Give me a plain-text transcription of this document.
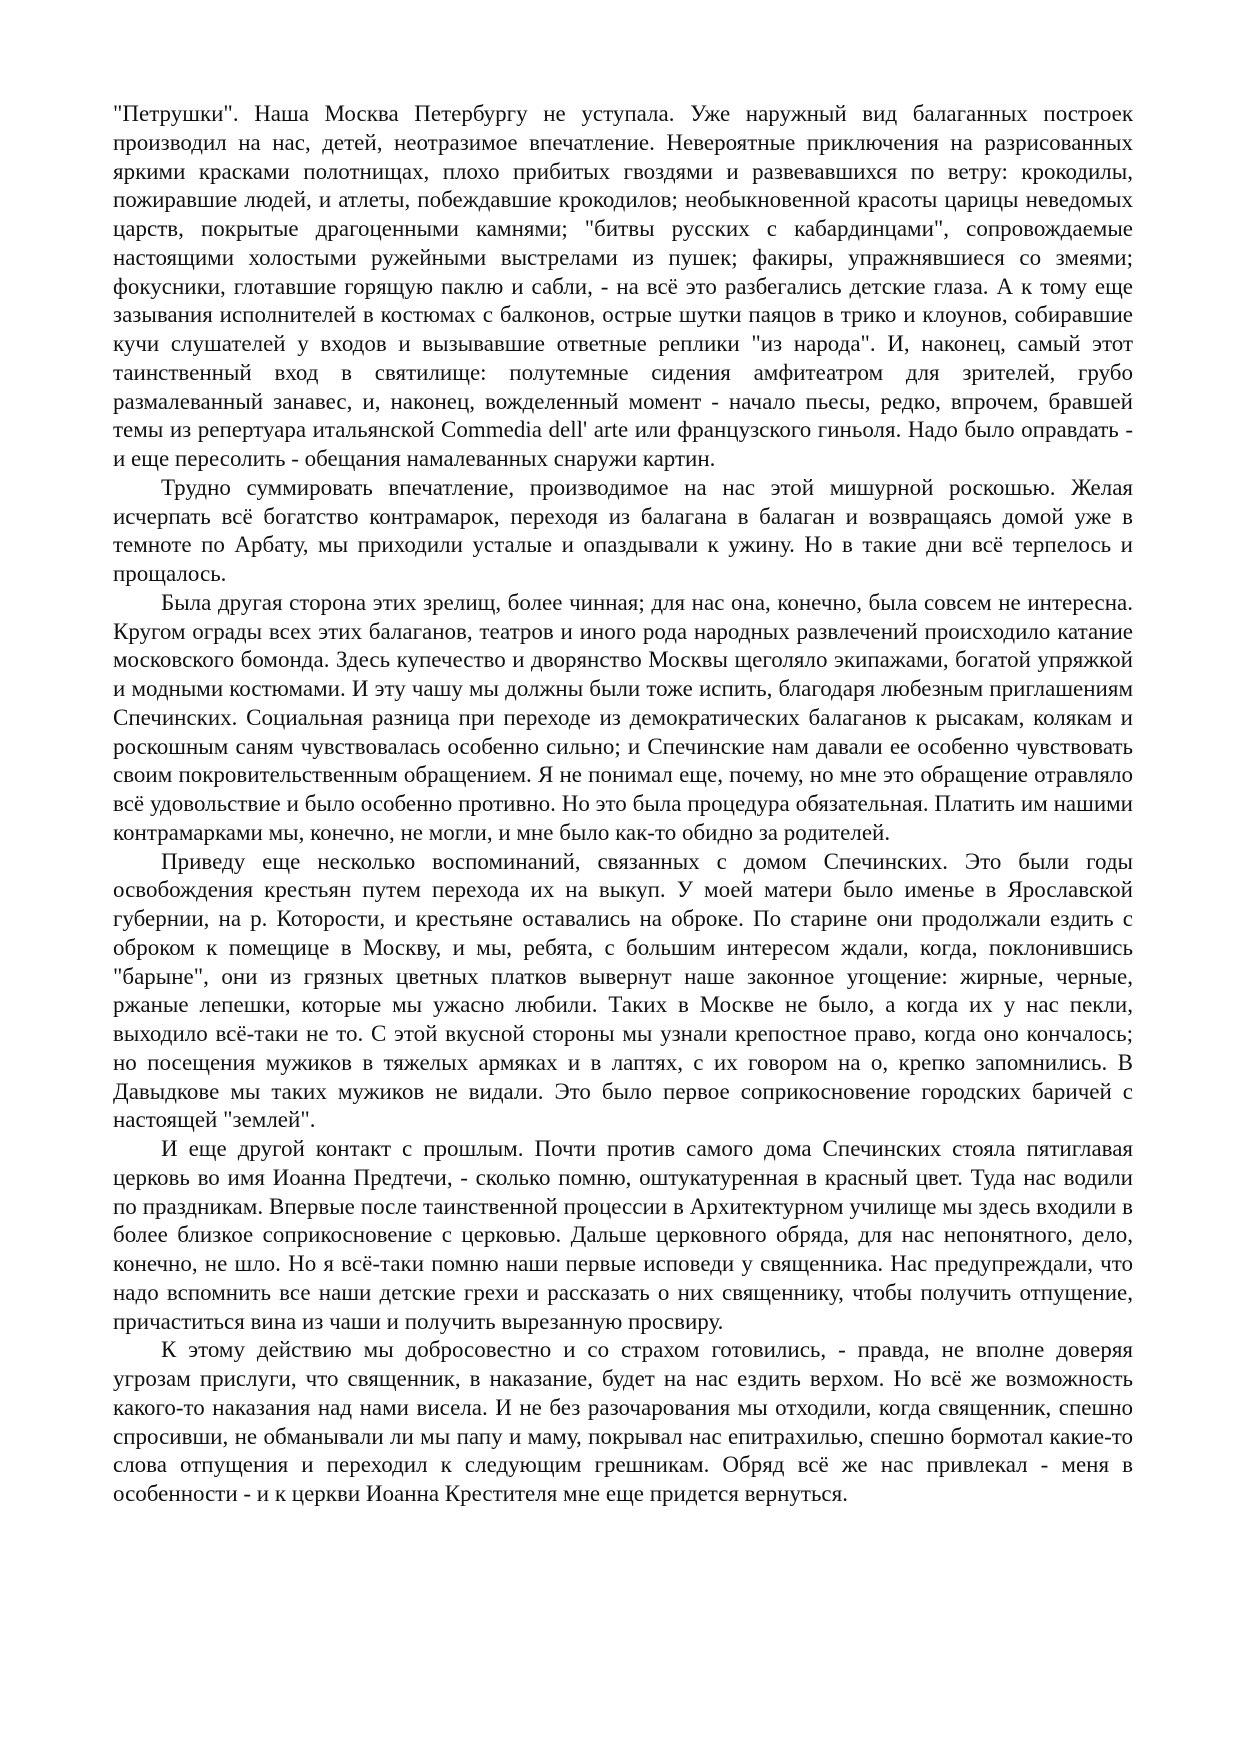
"Петрушки". Наша Москва Петербургу не уступала. Уже наружный вид балаганных построек производил на нас, детей, неотразимое впечатление. Невероятные приключения на разрисованных яркими красками полотнищах, плохо прибитых гвоздями и развевавшихся по ветру: крокодилы, пожиравшие людей, и атлеты, побеждавшие крокодилов; необыкновенной красоты царицы неведомых царств, покрытые драгоценными камнями; "битвы русских с кабардинцами", сопровождаемые настоящими холостыми ружейными выстрелами из пушек; факиры, упражнявшиеся со змеями; фокусники, глотавшие горящую паклю и сабли, - на всё это разбегались детские глаза. А к тому еще зазывания исполнителей в костюмах с балконов, острые шутки паяцов в трико и клоунов, собиравшие кучи слушателей у входов и вызывавшие ответные реплики "из народа". И, наконец, самый этот таинственный вход в святилище: полутемные сидения амфитеатром для зрителей, грубо размалеванный занавес, и, наконец, вожделенный момент - начало пьесы, редко, впрочем, бравшей темы из репертуара итальянской Commedia dell' arte или французского гиньоля. Надо было оправдать - и еще пересолить - обещания намалеванных снаружи картин.

Трудно суммировать впечатление, производимое на нас этой мишурной роскошью. Желая исчерпать всё богатство контрамарок, переходя из балагана в балаган и возвращаясь домой уже в темноте по Арбату, мы приходили усталые и опаздывали к ужину. Но в такие дни всё терпелось и прощалось.

Была другая сторона этих зрелищ, более чинная; для нас она, конечно, была совсем не интересна. Кругом ограды всех этих балаганов, театров и иного рода народных развлечений происходило катание московского бомонда. Здесь купечество и дворянство Москвы щеголяло экипажами, богатой упряжкой и модными костюмами. И эту чашу мы должны были тоже испить, благодаря любезным приглашениям Спечинских. Социальная разница при переходе из демократических балаганов к рысакам, колякам и роскошным саням чувствовалась особенно сильно; и Спечинские нам давали ее особенно чувствовать своим покровительственным обращением. Я не понимал еще, почему, но мне это обращение отравляло всё удовольствие и было особенно противно. Но это была процедура обязательная. Платить им нашими контрамарками мы, конечно, не могли, и мне было как-то обидно за родителей.

Приведу еще несколько воспоминаний, связанных с домом Спечинских. Это были годы освобождения крестьян путем перехода их на выкуп. У моей матери было именье в Ярославской губернии, на р. Которости, и крестьяне оставались на оброке. По старине они продолжали ездить с оброком к помещице в Москву, и мы, ребята, с большим интересом ждали, когда, поклонившись "барыне", они из грязных цветных платков вывернут наше законное угощение: жирные, черные, ржаные лепешки, которые мы ужасно любили. Таких в Москве не было, а когда их у нас пекли, выходило всё-таки не то. С этой вкусной стороны мы узнали крепостное право, когда оно кончалось; но посещения мужиков в тяжелых армяках и в лаптях, с их говором на о, крепко запомнились. В Давыдкове мы таких мужиков не видали. Это было первое соприкосновение городских баричей с настоящей "землей".

И еще другой контакт с прошлым. Почти против самого дома Спечинских стояла пятиглавая церковь во имя Иоанна Предтечи, - сколько помню, оштукатуренная в красный цвет. Туда нас водили по праздникам. Впервые после таинственной процессии в Архитектурном училище мы здесь входили в более близкое соприкосновение с церковью. Дальше церковного обряда, для нас непонятного, дело, конечно, не шло. Но я всё-таки помню наши первые исповеди у священника. Нас предупреждали, что надо вспомнить все наши детские грехи и рассказать о них священнику, чтобы получить отпущение, причаститься вина из чаши и получить вырезанную просвиру.

К этому действию мы добросовестно и со страхом готовились, - правда, не вполне доверяя угрозам прислуги, что священник, в наказание, будет на нас ездить верхом. Но всё же возможность какого-то наказания над нами висела. И не без разочарования мы отходили, когда священник, спешно спросивши, не обманывали ли мы папу и маму, покрывал нас епитрахилью, спешно бормотал какие-то слова отпущения и переходил к следующим грешникам. Обряд всё же нас привлекал - меня в особенности - и к церкви Иоанна Крестителя мне еще придется вернуться.
